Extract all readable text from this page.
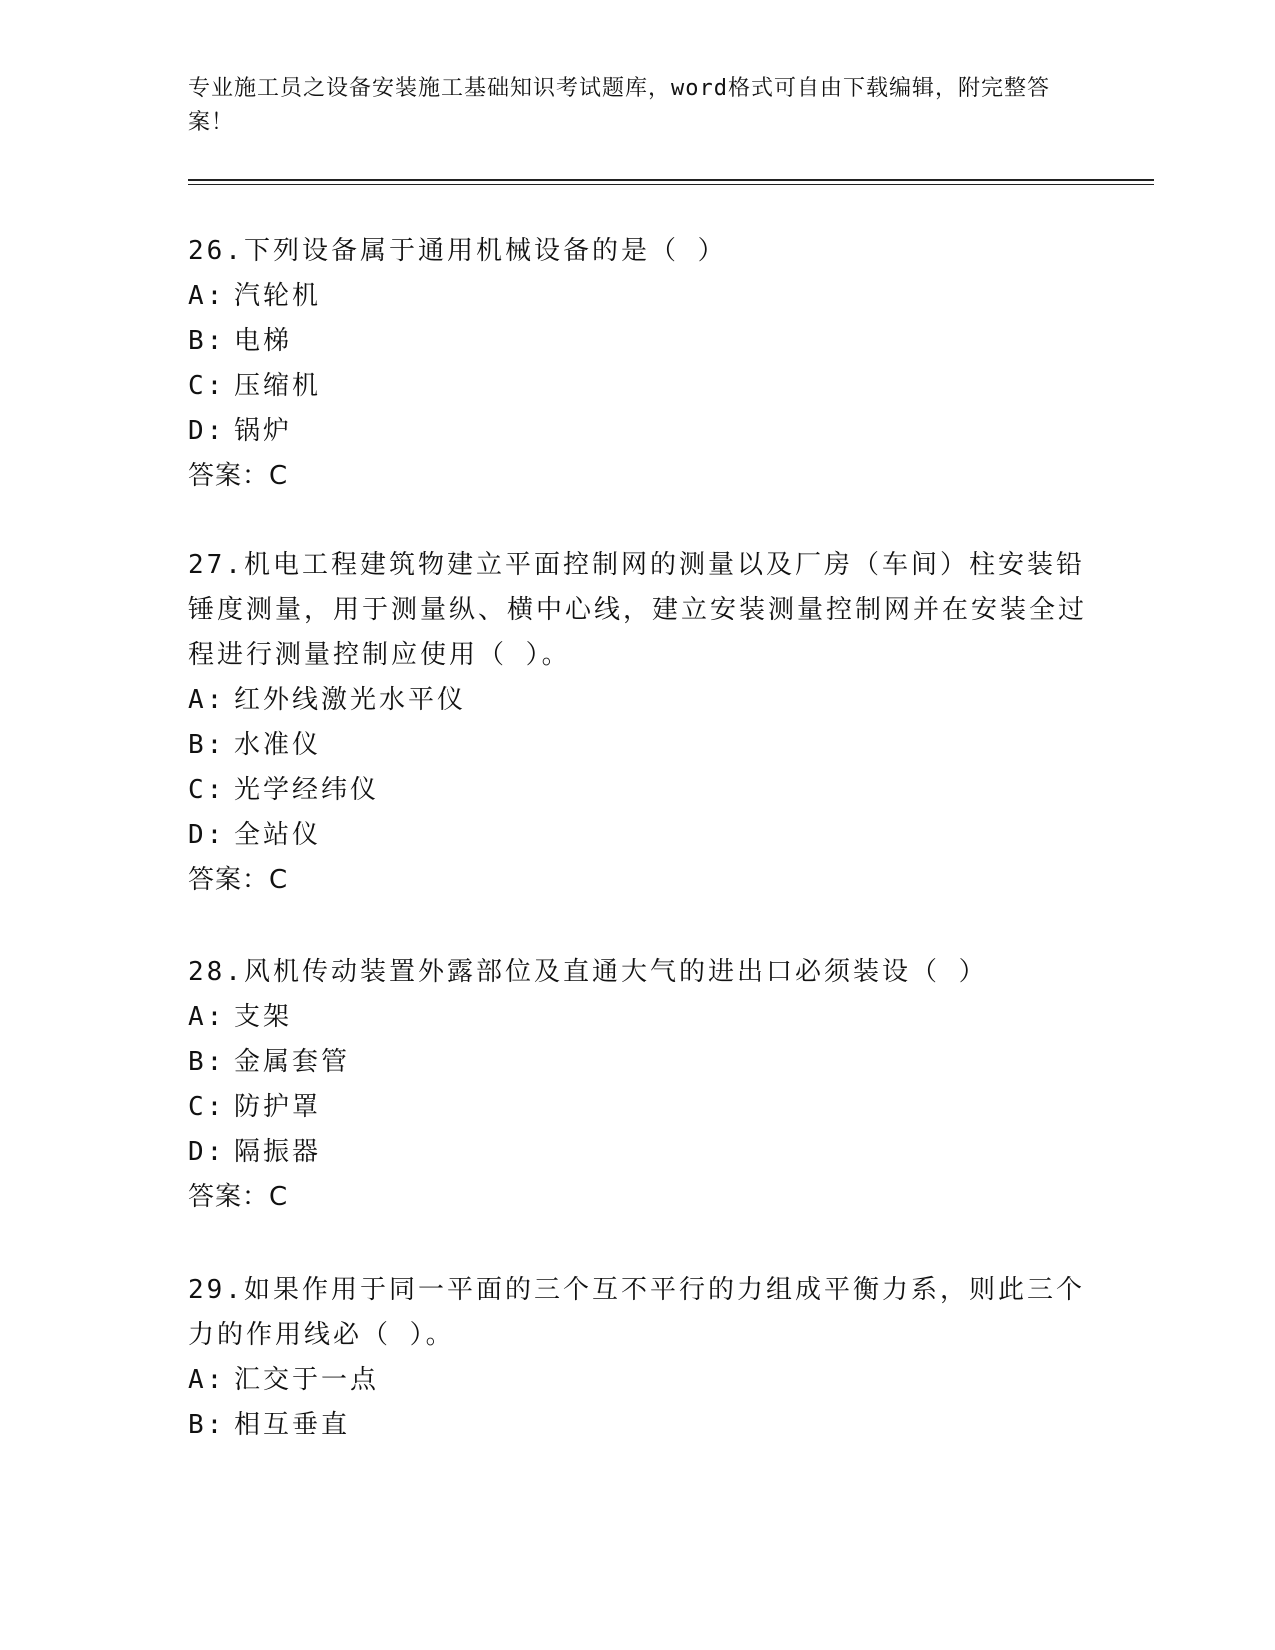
专业施工员之设备安装施工基础知识考试题库，word格式可自由下载编辑，附完整答案！

26.下列设备属于通用机械设备的是（ ）

A: 汽轮机

B: 电梯

C: 压缩机

D: 锅炉

答案：C

27.机电工程建筑物建立平面控制网的测量以及厂房（车间）柱安装铅锤度测量，用于测量纵、横中心线，建立安装测量控制网并在安装全过程进行测量控制应使用（ ）。

A: 红外线激光水平仪

B: 水准仪

C: 光学经纬仪

D: 全站仪

答案：C

28.风机传动装置外露部位及直通大气的进出口必须装设（ ）

A: 支架

B: 金属套管

C: 防护罩

D: 隔振器

答案：C

29.如果作用于同一平面的三个互不平行的力组成平衡力系，则此三个力的作用线必（ ）。

A: 汇交于一点

B: 相互垂直
